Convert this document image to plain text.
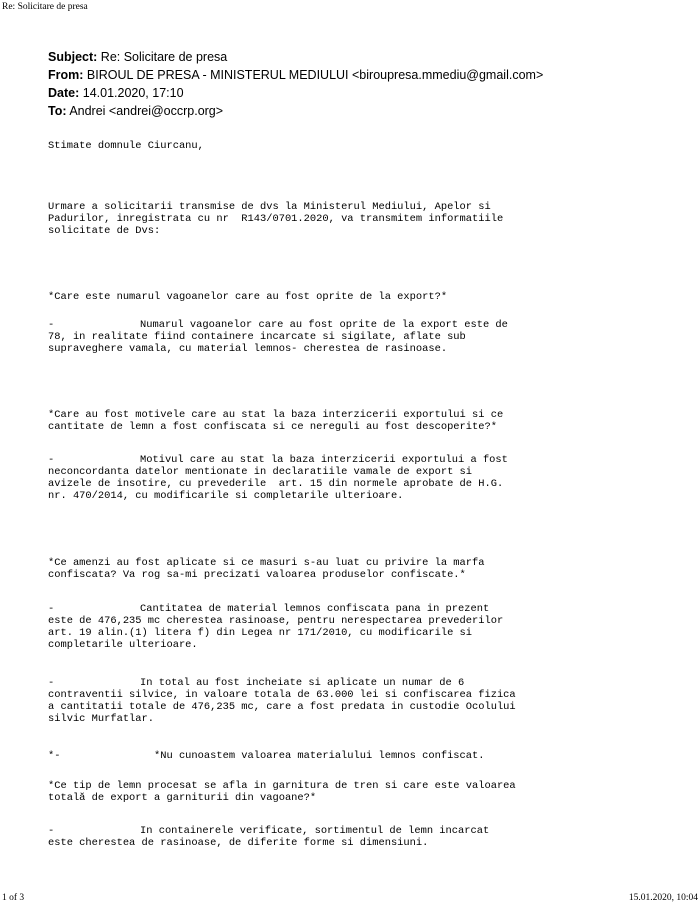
Re: Solicitare de presa
Subject: Re: Solicitare de presa
From: BIROUL DE PRESA - MINISTERUL MEDIULUI <biroupresa.mmediu@gmail.com>
Date: 14.01.2020, 17:10
To: Andrei <andrei@occrp.org>
Stimate domnule Ciurcanu,
Urmare a solicitarii transmise de dvs la Ministerul Mediului, Apelor si
Padurilor, inregistrata cu nr  R143/0701.2020, va transmitem informatiile
solicitate de Dvs:
*Care este numarul vagoanelor care au fost oprite de la export?*
-	Numarul vagoanelor care au fost oprite de la export este de
78, in realitate fiind containere incarcate si sigilate, aflate sub
supraveghere vamala, cu material lemnos- cherestea de rasinoase.
*Care au fost motivele care au stat la baza interzicerii exportului si ce
cantitate de lemn a fost confiscata si ce nereguli au fost descoperite?*
-	Motivul care au stat la baza interzicerii exportului a fost
neconcordanta datelor mentionate in declaratiile vamale de export si
avizele de insotire, cu prevederile  art. 15 din normele aprobate de H.G.
nr. 470/2014, cu modificarile si completarile ulterioare.
*Ce amenzi au fost aplicate si ce masuri s-au luat cu privire la marfa
confiscata? Va rog sa-mi precizati valoarea produselor confiscate.*
-	Cantitatea de material lemnos confiscata pana in prezent
este de 476,235 mc cherestea rasinoase, pentru nerespectarea prevederilor
art. 19 alin.(1) litera f) din Legea nr 171/2010, cu modificarile si
completarile ulterioare.
-	In total au fost incheiate si aplicate un numar de 6
contraventii silvice, in valoare totala de 63.000 lei si confiscarea fizica
a cantitatii totale de 476,235 mc, care a fost predata in custodie Ocolului
silvic Murfatlar.
*-	*Nu cunoastem valoarea materialului lemnos confiscat.
*Ce tip de lemn procesat se afla in garnitura de tren si care este valoarea
totală de export a garniturii din vagoane?*
-	In containerele verificate, sortimentul de lemn incarcat
este cherestea de rasinoase, de diferite forme si dimensiuni.
1 of 3	15.01.2020, 10:04
